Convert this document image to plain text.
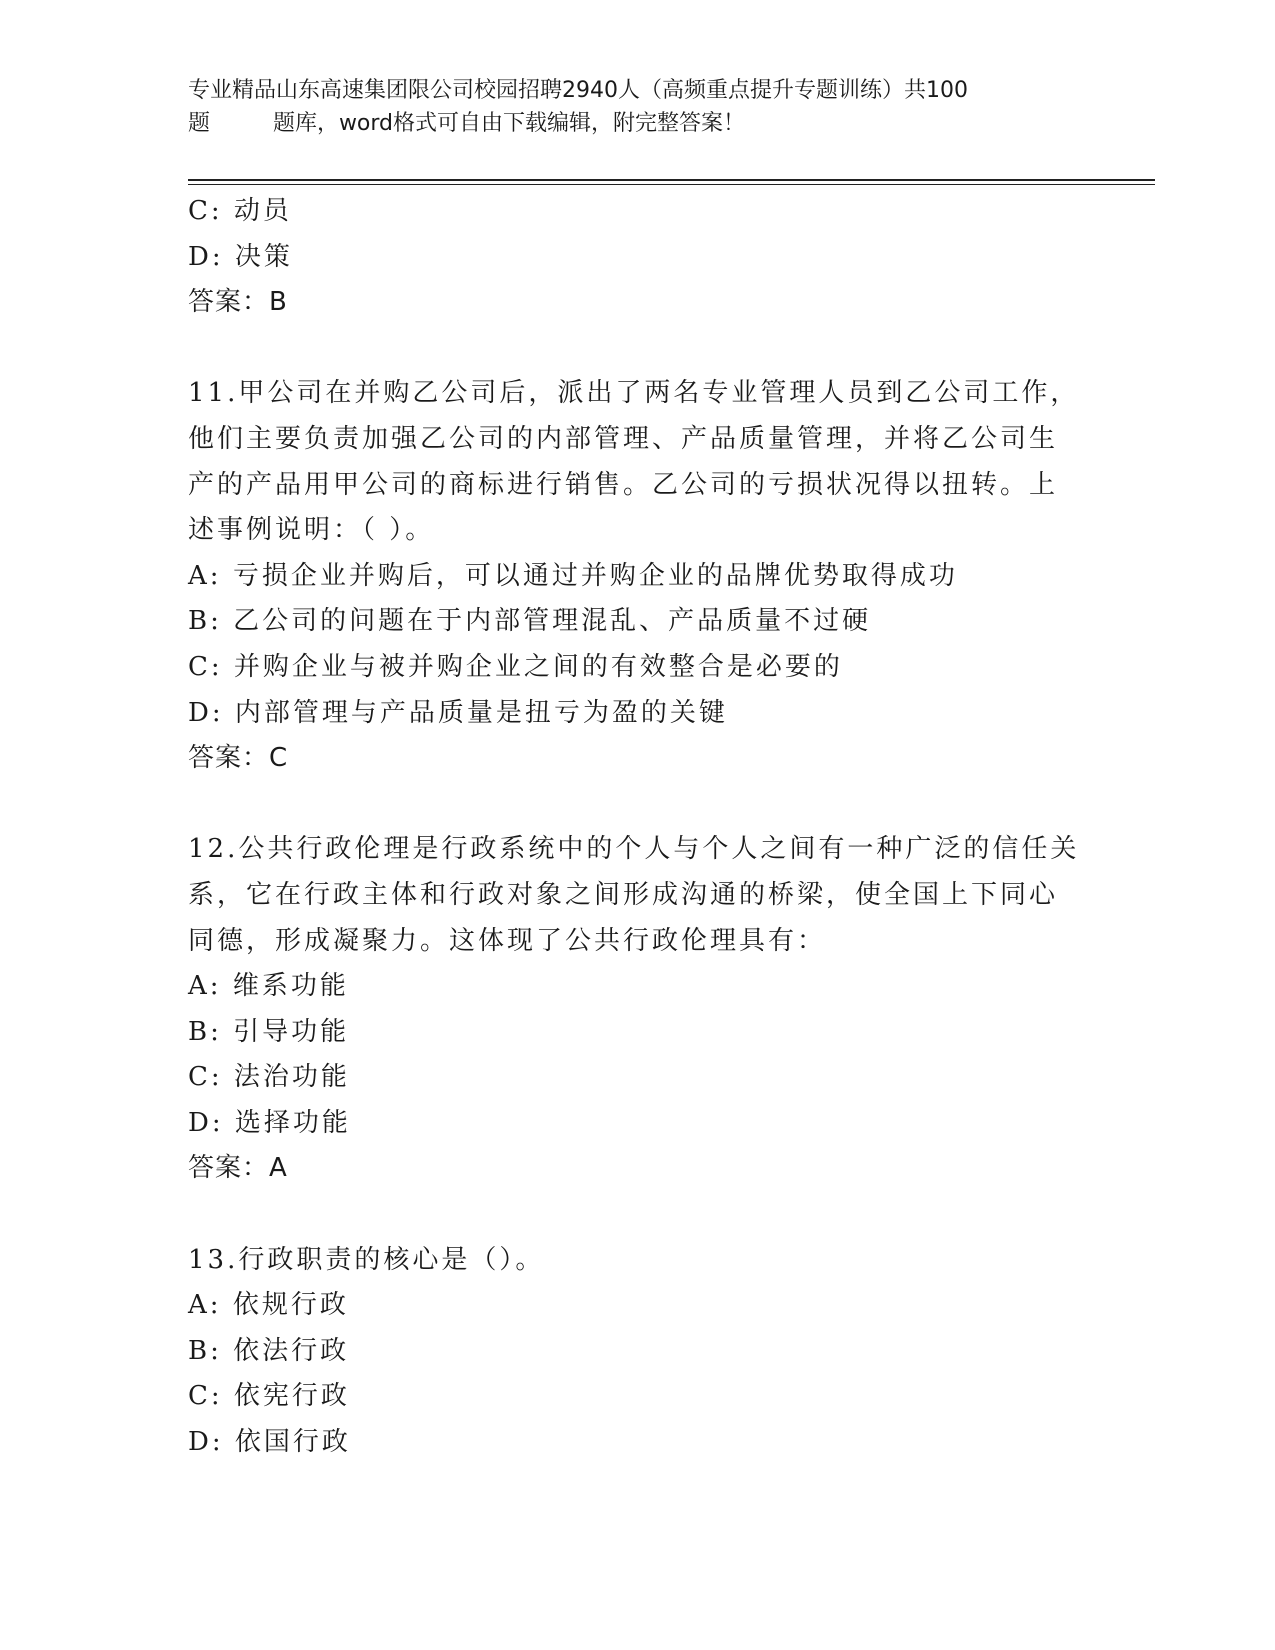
专业精品山东高速集团限公司校园招聘2940人（高频重点提升专题训练）共100
题         题库，word格式可自由下载编辑，附完整答案！
C: 动员
D: 决策
答案：B
11.甲公司在并购乙公司后，派出了两名专业管理人员到乙公司工作，
他们主要负责加强乙公司的内部管理、产品质量管理，并将乙公司生
产的产品用甲公司的商标进行销售。乙公司的亏损状况得以扭转。上
述事例说明：（ ）。
A: 亏损企业并购后，可以通过并购企业的品牌优势取得成功
B: 乙公司的问题在于内部管理混乱、产品质量不过硬
C: 并购企业与被并购企业之间的有效整合是必要的
D: 内部管理与产品质量是扭亏为盈的关键
答案：C
12.公共行政伦理是行政系统中的个人与个人之间有一种广泛的信任关
系，它在行政主体和行政对象之间形成沟通的桥梁，使全国上下同心
同德，形成凝聚力。这体现了公共行政伦理具有：
A: 维系功能
B: 引导功能
C: 法治功能
D: 选择功能
答案：A
13.行政职责的核心是（）。
A: 依规行政
B: 依法行政
C: 依宪行政
D: 依国行政
